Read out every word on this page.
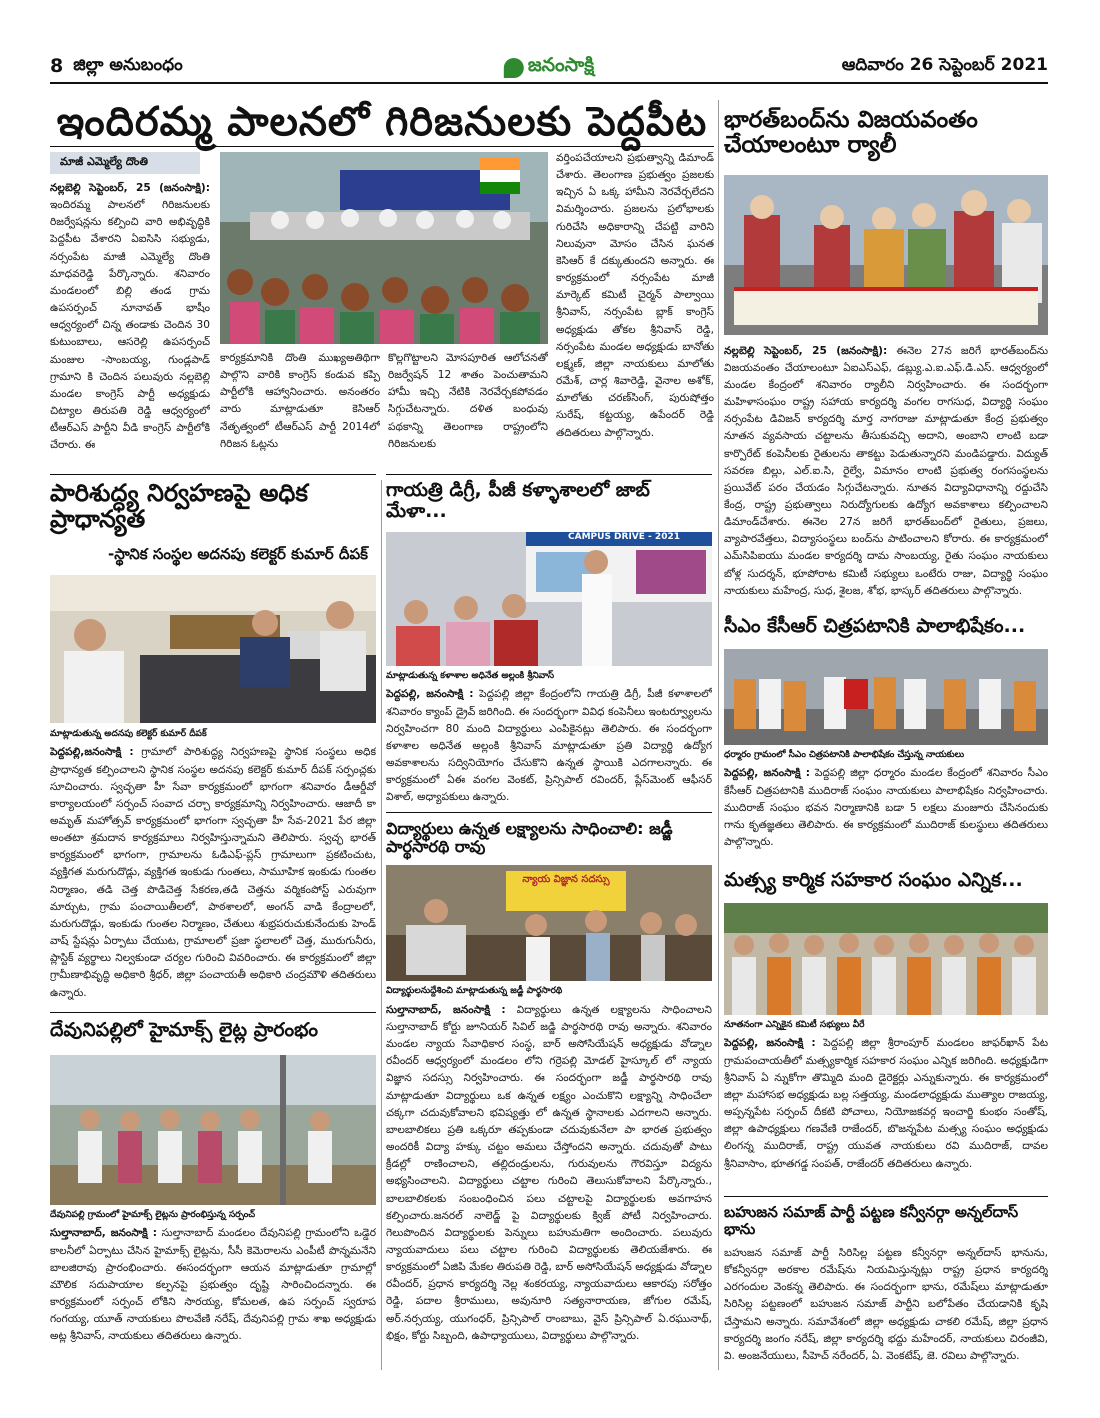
8 జిల్లా అనుబంధం	జనంసాక్షి	ఆదివారం 26 సెప్టెంబర్ 2021
ఇందిరమ్మ పాలనలో గిరిజనులకు పెద్దపీట
మాజీ ఎమ్మెల్యే దొంతి
నల్లబెల్లి సెప్టెంబర్, 25 (జనంసాక్షి): ఇందిరమ్మ పాలనలో గిరిజనులకు రిజర్వేషన్లను కల్పించి వారి అభివృద్ధికి పెద్దపీట వేశారని ఏఐసిసి సభ్యుడు, నర్సంపేట మాజీ ఎమ్మెల్యే దొంతి మాధవరెడ్డి పేర్కొన్నారు. శనివారం మండలంలో బిల్లి తండ గ్రామ ఉపసర్పంచ్ నూనావత్ భాషీం ఆధ్వర్యంలో చిన్న తండాకు చెందిన 30 కుటుంబాలు, ఆసరెల్లి ఉపసర్పంచ్ మంజుల -సాంబయ్య, గుండ్లపాడ్ గ్రామాని కి చెందిన పలువురు నల్లబెల్లి మండల కాంగ్రెస్ పార్టీ అధ్యక్షుడు చిట్యాల తిరుపతి రెడ్డి ఆధ్వర్యంలో టీఆర్ఎస్ పార్టీని వీడి కాంగ్రెస్ పార్టీలోకి చేరారు. ఈ
కార్యక్రమానికి దొంతి ముఖ్యఅతిథిగా పాల్గొని వారికి కాంగ్రెస్ కండువ కప్పి పార్టీలోకి ఆహ్వానించారు. అనంతరం వారు మాట్లాడుతూ కెసిఆర్ నేతృత్వంలో టీఆర్ఎస్ పార్టీ 2014లో గిరిజన ఓట్లను
కొల్లగొట్టాలని మోసపూరిత ఆలోచనతో రిజర్వేషన్ 12 శాతం పెంచుతామని హామీ ఇచ్చి నేటికి నెరవేర్చకపోవడం సిగ్గుచేటన్నారు. దళిత బంధువు పథకాన్ని తెలంగాణ రాష్ట్రంలోని గిరిజనులకు
వర్తింపచేయాలని ప్రభుత్వాన్ని డిమాండ్ చేశారు. తెలంగాణ ప్రభుత్వం ప్రజలకు ఇచ్చిన ఏ ఒక్క హామీని నెరవేర్చలేదని విమర్శించారు. ప్రజలను ప్రలోభాలకు గురిచేసి అధికారాన్ని చేపట్టి వారిని నిలువునా మోసం చేసిన ఘనత కెసిఆర్ కే దక్కుతుందని అన్నారు. ఈ కార్యక్రమంలో నర్సంపేట మాజీ మార్కెట్ కమిటీ చైర్మన్ పాల్వాయి శ్రీనివాస్, నర్సంపేట బ్లాక్ కాంగ్రెస్ అధ్యక్షుడు తోకల శ్రీనివాస్ రెడ్డి, నర్సంపేట మండల అధ్యక్షుడు బానోతు లక్ష్మణ్, జిల్లా నాయకులు మాలోతు రమేశ్, చార్ల శివారెడ్డి, వైనాల అశోక్, మాలోతు చరణ్‌సింగ్, పురుషోత్తం సురేష్, కట్టయ్య, ఉపేందర్ రెడ్డి తదితరులు పాల్గొన్నారు.
భారత్‌బంద్‌ను విజయవంతం చేయాలంటూ ర్యాలీ
నల్లబెల్లి సెప్టెంబర్, 25 (జనంసాక్షి): ఈనెల 27న జరిగే భారత్‌బంద్‌ను విజయవంతం చేయాలంటూ ఏఐఎస్ఎఫ్, డబ్ల్యు.ఎ.ఐ.ఎఫ్.డి.ఎస్. ఆధ్వర్యంలో మండల కేంద్రంలో శనివారం ర్యాలీని నిర్వహించారు. ఈ సందర్భంగా మహిళాసంఘం రాష్ట్ర సహాయ కార్యదర్శి వంగల రాగసుధ, విద్యార్థి సంఘం నర్సంపేట డివిజన్ కార్యదర్శి మార్త నాగరాజు మాట్లాడుతూ కేంద్ర ప్రభుత్వం నూతన వ్యవసాయ చట్టాలను తీసుకువచ్చి అదాని, అంబాని లాంటి బడా కార్పొరేట్ కంపెనీలకు రైతులను తాకట్టు పెడుతున్నారని మండిపడ్డారు. విద్యుత్ సవరణ బిల్లు, ఎల్.ఐ.సి, రైల్వే, విమానం లాంటి ప్రభుత్వ రంగసంస్థలను ప్రయివేట్ పరం చేయడం సిగ్గుచేటన్నారు. నూతన విద్యావిధానాన్ని రద్దుచేసి కేంద్ర, రాష్ట్ర ప్రభుత్వాలు నిరుద్యోగులకు ఉద్యోగ అవకాశాలు కల్పించాలని డిమాండ్‌చేశారు. ఈనెల 27న జరిగే భారత్‌బంద్‌లో రైతులు, ప్రజలు, వ్యాపారవేత్తలు, విద్యాసంస్థలు బంద్‌ను పాటించాలని కోరారు. ఈ కార్యక్రమంలో ఎమ్‌సిపిఐయు మండల కార్యదర్శి దామ సాంబయ్య, రైతు సంఘం నాయకులు బోళ్ల సుదర్శన్, భూపోరాట కమిటీ సభ్యులు ఒంటేరు రాజు, విద్యార్థి సంఘం నాయకులు మహేంద్ర, సుధ, శైలజ, శోభ, భాస్కర్ తదితరులు పాల్గొన్నారు.
పారిశుద్ధ్య నిర్వహణపై అధిక ప్రాధాన్యత
-స్థానిక సంస్థల అదనపు కలెక్టర్ కుమార్ దీపక్
మాట్లాడుతున్న అదనపు కలెక్టర్ కుమార్ దీపక్
పెద్దపల్లి,జనంసాక్షి : గ్రామాలో పారిశుద్ధ్య నిర్వహణపై స్థానిక సంస్థలు అధిక ప్రాధాన్యత కల్పించాలని స్థానిక సంస్థల అదనపు కలెక్టర్ కుమార్ దీపక్ సర్పంచ్లకు సూచించారు. స్వచ్ఛతా హీ సేవా కార్యక్రమంలో భాగంగా శనివారం డీఆర్డీవో కార్యాలయంలో సర్పంచ్ సంవాద చర్చా కార్యక్రమాన్ని నిర్వహించారు. ఆజాదీ కా అమృత్ మహోత్సవ్ కార్యక్రమంలో భాగంగా స్వచ్ఛతా హీ సేవ-2021 పేర జిల్లా అంతటా శ్రమదాన కార్యక్రమాలు నిర్వహిస్తున్నామని తెలిపారు. స్వచ్ఛ భారత్ కార్యక్రమంలో భాగంగా, గ్రామాలను ఓడిఎఫ్-ప్లస్ గ్రామాలుగా ప్రకటించుట, వ్యక్తిగత మరుగుదొడ్లు, వ్యక్తిగత ఇంకుడు గుంతలు, సామూహిక ఇంకుడు గుంతల నిర్మాణం, తడి చెత్త పొడిచెత్త సేకరణ,తడి చెత్తను వర్మికంపోస్ట్ ఎరువుగా మార్చుట, గ్రామ పంచాయితీలలో, పాఠశాలలో, అంగన్ వాడి కేంద్రాలలో, మరుగుదొడ్లు, ఇంకుడు గుంతల నిర్మాణం, చేతులు శుభ్రపరుచుకునేందుకు హెండ్ వాష్ స్టేషన్లు ఏర్పాటు చేయుట, గ్రామాలలో ప్రజా స్థలాలలో చెత్త, మురుగునీరు, ప్లాస్టిక్ వ్యర్థాలు నిల్వకుండా చర్యల గురించి వివరించారు. ఈ కార్యక్రమంలో జిల్లా గ్రామీణాభివృద్ధి అధికారి శ్రీధర్, జిల్లా పంచాయతీ అధికారి చంద్రమౌళి తదితరులు ఉన్నారు.
గాయత్రి డిగ్రీ, పీజీ కళ్ళాశాలలో జాబ్ మేళా...
CAMPUS DRIVE - 2021
మాట్లాడుతున్న కళాశాల అధినేత అల్లంకి శ్రీనివాస్
పెద్దపల్లి, జనంసాక్షి : పెద్దపల్లి జిల్లా కేంద్రంలోని గాయత్రి డిగ్రీ, పీజీ కళాశాలలో శనివారం క్యాంప్ డ్రైవ్ జరిగింది. ఈ సందర్భంగా వివిధ కంపెనీలు ఇంటర్వ్యూలను నిర్వహించగా 80 మంది విద్యార్థులు ఎంపికైనట్లు తెలిపారు. ఈ సందర్భంగా కళాశాల అధినేత అల్లంకి శ్రీనివాస్ మాట్లాడుతూ ప్రతి విద్యార్థి ఉద్యోగ అవకాశాలను సద్వినియోగం చేసుకొని ఉన్నత స్థాయికి ఎదగాలన్నారు. ఈ కార్యక్రమంలో ఏఈ వంగల వెంకట్, ప్రిన్సిపాల్ రవిందర్, ప్లేస్‌మెంట్ ఆఫీసర్ విశాల్, అధ్యాపకులు ఉన్నారు.
సీఎం కేసీఆర్ చిత్రపటానికి పాలాభిషేకం...
ధర్మారం గ్రామంలో సీఎం చిత్రపటానికి పాలాభిషేకం చేస్తున్న నాయకులు
పెద్దపల్లి, జనంసాక్షి : పెద్దపల్లి జిల్లా ధర్మారం మండల కేంద్రంలో శనివారం సీఎం కేసీఆర్ చిత్రపటానికి ముదిరాజ్ సంఘం నాయకులు పాలాభిషేకం నిర్వహించారు. ముదిరాజ్ సంఘం భవన నిర్మాణానికి బడా 5 లక్షలు మంజూరు చేసినందుకు గాను కృతజ్ఞతలు తెలిపారు. ఈ కార్యక్రమంలో ముదిరాజ్ కులస్థులు తదితరులు పాల్గొన్నారు.
విద్యార్థులు ఉన్నత లక్ష్యాలను సాధించాలి: జడ్జీ పార్థసారథి రావు
న్యాయ విజ్ఞాన సదస్సు
విద్యార్థులనుద్దేశించి మాట్లాడుతున్న జడ్జీ పార్థసారథి
సుల్తానాబాద్, జనంసాక్షి : విద్యార్థులు ఉన్నత లక్ష్యాలను సాధించాలని సుల్తానాబాద్ కోర్టు జూనియర్ సివిల్ జడ్జి పార్థసారథి రావు అన్నారు. శనివారం మండల న్యాయ సేవాధికార సంస్థ, బార్ అసోసియేషన్ అధ్యక్షుడు వోడ్నాల రవీందర్ ఆధ్వర్యంలో మండలం లోని గర్రెపల్లి మోడల్ హైస్కూల్ లో న్యాయ విజ్ఞాన సదస్సు నిర్వహించారు. ఈ సందర్భంగా జడ్జీ పార్థసారథి రావు మాట్లాడుతూ విద్యార్థులు ఒక ఉన్నత లక్ష్యం ఎంచుకొని లక్ష్యాన్ని సాధించేలా చక్కగా చదువుకోవాలని భవిష్యత్తు లో ఉన్నత స్థానాలకు ఎదగాలని అన్నారు. బాలబాలికలు ప్రతి ఒక్కరూ తప్పకుండా చదువుకునేలా పా భారత ప్రభుత్వం అందరికీ విద్యా హక్కు చట్టం అమలు చేస్తోందని అన్నారు. చదువుతో పాటు క్రీడల్లో రాణించాలని, తల్లిదండ్రులను, గురువులను గౌరవిస్తూ విద్యను అభ్యసించాలని. విద్యార్థులు చట్టాల గురించి తెలుసుకోవాలని పేర్కొన్నారు., బాలబాలికలకు సంబంధించిన పలు చట్టాలపై విద్యార్థులకు అవగాహన కల్పించారు.జనరల్ నాలెడ్జ్ పై విద్యార్థులకు క్విజ్ పోటీ నిర్వహించారు. గెలుపొందిన విద్యార్థులకు పెన్నులు బహుమతిగా అందించారు. పలువురు న్యాయవాదులు పలు చట్టాల గురించి విద్యార్థులకు తెలియజేశారు. ఈ కార్యక్రమంలో ఏజిపి మేకల తిరుపతి రెడ్డి, బార్ అసోసియేషన్ అధ్యక్షుడు వోడ్నాల రవీందర్, ప్రధాన కార్యదర్శి నెల్ల శంకరయ్య, న్యాయవాదులు ఆకారపు సరోత్తం రెడ్డి, పదాల శ్రీరాములు, అవునూరి సత్యనారాయణ, జోగుల రమేష్, అర్.నర్సయ్య, యుగంధర్, ప్రిన్సిపాల్ రాంబాబు, వైస్ ప్రిన్సిపాల్ ఏ.రఘునాథ్, భిక్షం, కోర్టు సిబ్బంది, ఉపాధ్యాయులు, విద్యార్థులు పాల్గొన్నారు.
మత్స్య కార్మిక సహకార సంఘం ఎన్నిక...
నూతనంగా ఎన్నికైన కమిటీ సభ్యులు వీరే
పెద్దపల్లి, జనంసాక్షి : పెద్దపల్లి జిల్లా శ్రీరాంపూర్ మండలం జాఫర్‌ఖాన్ పేట గ్రామపంచాయతీలో మత్స్యకార్మిక సహకార సంఘం ఎన్నిక జరిగింది. అధ్యక్షుడిగా శ్రీనివాస్ ఏ న్నుకోగా తొమ్మిది మంది డైరెక్టర్లు ఎన్నుకున్నారు. ఈ కార్యక్రమంలో జిల్లా మహాసభ అధ్యక్షుడు బల్ల సత్తయ్య, మండలాధ్యక్షుడు ముత్యాల రాజయ్య, అప్పన్నపేట సర్పంచ్ దీకటి పోచాలు, నియోజకవర్గ ఇంచార్జి కుంభం సంతోష్, జిల్లా ఉపాధ్యక్షులు గణవేణి రాజేందర్, బొజన్నపేట మత్స్య సంఘం అధ్యక్షుడు లింగన్న ముదిరాజ్, రాష్ట్ర యువత నాయకులు రవి ముదిరాజ్, దావల శ్రీనివాసాం, భూతగడ్డ సంపత్, రాజేందర్ తదితరులు ఉన్నారు.
దేవునిపల్లిలో హైమాక్స్ లైట్ల ప్రారంభం
దేవునిపల్లి గ్రామంలో హైమాక్స్ లైట్లను ప్రారంభిస్తున్న సర్పంచ్
సుల్తానాబాద్, జనంసాక్షి : సుల్తానాబాద్ మండలం దేవునిపల్లి గ్రామంలోని ఒడ్డెర కాలనీలో ఏర్పాటు చేసిన హైమాక్స్ లైట్లను, సీసీ కెమెరాలను ఎంపీటీ పొన్నమనేని బాలజిరావు ప్రారంభించారు. ఈసందర్భంగా ఆయన మాట్లాడుతూ గ్రామాల్లో మౌలిక సదుపాయాల కల్పనపై ప్రభుత్వం దృష్టి సారించిందన్నారు. ఈ కార్యక్రమంలో సర్పంచ్ లోకిని సారయ్య, కోమలత, ఉప సర్పంచ్ స్వరూప గంగయ్య, యూత్ నాయకులు పొలవేణి నరేష్, దేవునిపల్లి గ్రామ శాఖ అధ్యక్షుడు అట్ల శ్రీనివాస్, నాయకులు తదితరులు ఉన్నారు.
బహుజన సమాజ్ పార్టీ పట్టణ కన్వీనర్గా అన్నల్‌దాస్ భాను
బహుజన సమాజ్ పార్టీ సిరిసిల్ల పట్టణ కన్వీనర్గా అన్నల్‌దాస్ భానును, కోకన్వీనర్గా అరకాల రమేష్‌ను నియమిస్తున్నట్లు రాష్ట్ర ప్రధాన కార్యదర్శి ఎరగందుల వెంకన్న తెలిపారు. ఈ సందర్భంగా భాను, రమేష్‌లు మాట్లాడుతూ సిరిసిల్ల పట్టణంలో బహుజన సమాజ్ పార్టీని బలోపేతం చేయడానికి కృషి చేస్తామని అన్నారు. సమావేశంలో జిల్లా అధ్యక్షుడు చాకలి రమేష్, జిల్లా ప్రధాన కార్యదర్శి జంగం నరేష్, జిల్లా కార్యదర్శి భద్దు మహేందర్, నాయకులు చిరంజీవి, వి. అంజనేయులు, సీహెచ్ నరేందర్, ఏ. వెంకటేష్, జె. రవిలు పాల్గొన్నారు.
